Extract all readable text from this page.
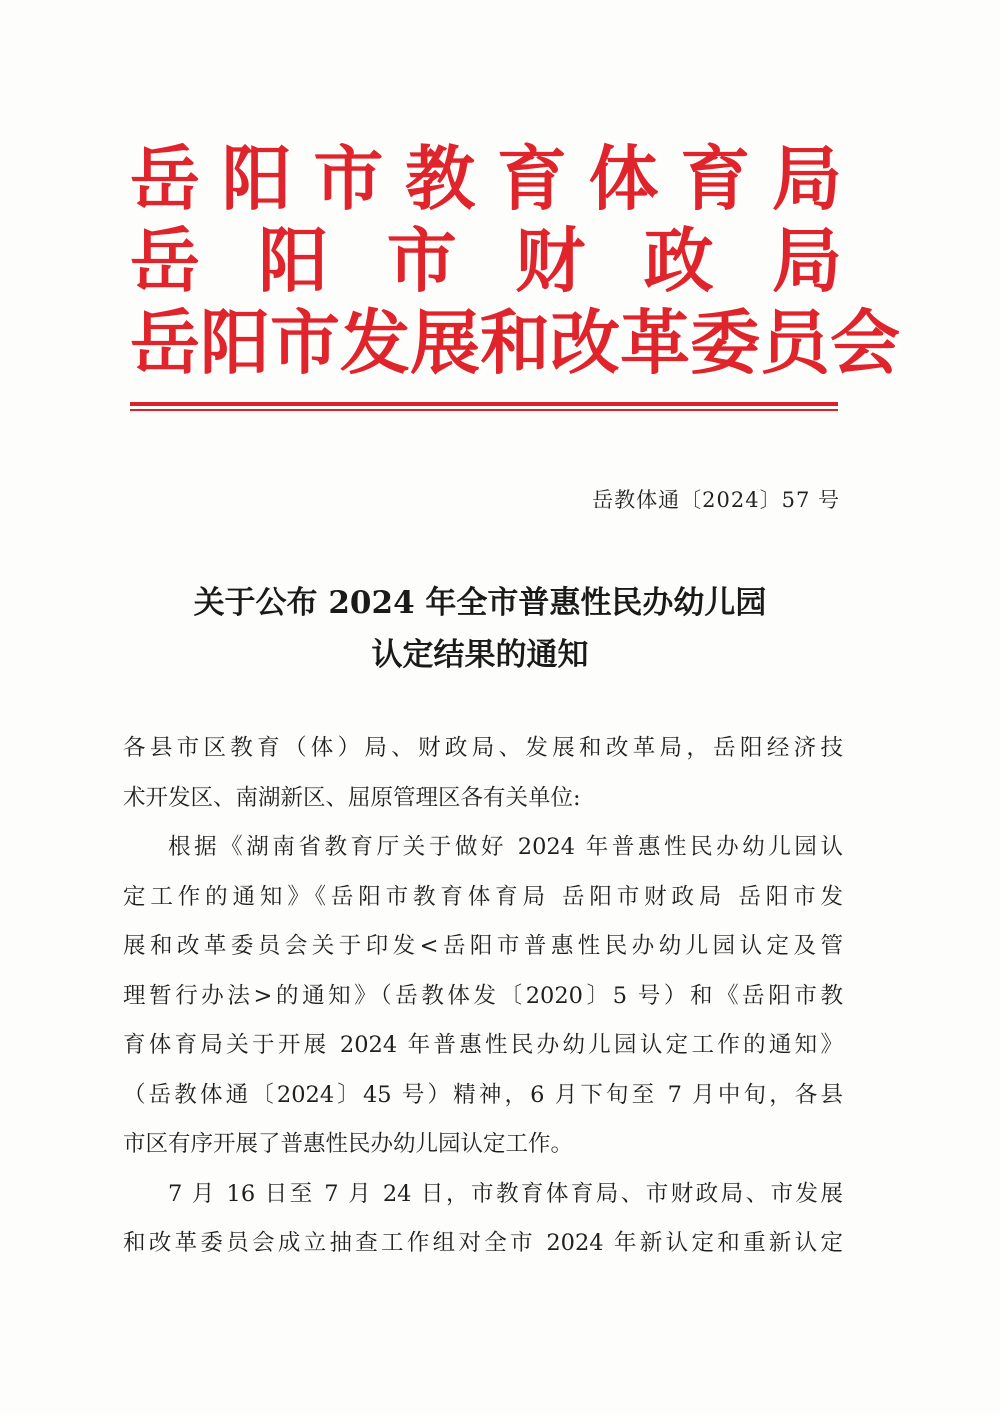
岳 阳 市 教 育 体 育 局
岳 阳 市 财 政 局
岳 阳 市 发 展 和 改 革 委 员 会
岳教体通〔2024〕57 号
关于公布 2024 年全市普惠性民办幼儿园
认定结果的通知
各县市区教育（体）局、财政局、发展和改革局，岳阳经济技
术开发区、南湖新区、屈原管理区各有关单位:
根据《湖南省教育厅关于做好 2024 年普惠性民办幼儿园认
定工作的通知》《岳阳市教育体育局 岳阳市财政局 岳阳市发
展和改革委员会关于印发<岳阳市普惠性民办幼儿园认定及管
理暂行办法>的通知》（岳教体发〔2020〕5 号）和《岳阳市教
育体育局关于开展 2024 年普惠性民办幼儿园认定工作的通知》
（岳教体通〔2024〕45 号）精神，6 月下旬至 7 月中旬，各县
市区有序开展了普惠性民办幼儿园认定工作。
7 月 16 日至 7 月 24 日，市教育体育局、市财政局、市发展
和改革委员会成立抽查工作组对全市 2024 年新认定和重新认定
